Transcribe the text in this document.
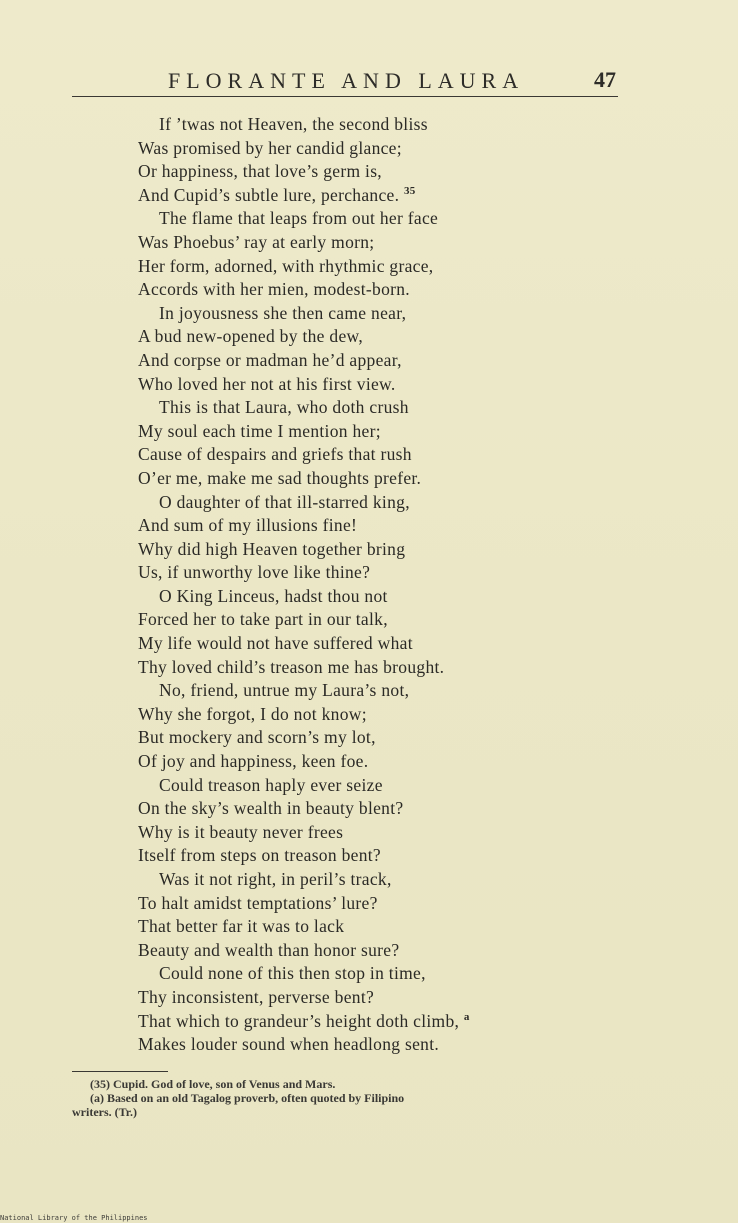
FLORANTE AND LAURA	47
If ’twas not Heaven, the second bliss
Was promised by her candid glance;
Or happiness, that love’s germ is,
And Cupid’s subtle lure, perchance. $^{35}$
The flame that leaps from out her face
Was Phoebus’ ray at early morn;
Her form, adorned, with rhythmic grace,
Accords with her mien, modest-born.
In joyousness she then came near,
A bud new-opened by the dew,
And corpse or madman he’d appear,
Who loved her not at his first view.
This is that Laura, who doth crush
My soul each time I mention her;
Cause of despairs and griefs that rush
O’er me, make me sad thoughts prefer.
O daughter of that ill-starred king,
And sum of my illusions fine!
Why did high Heaven together bring
Us, if unworthy love like thine?
O King Linceus, hadst thou not
Forced her to take part in our talk,
My life would not have suffered what
Thy loved child’s treason me has brought.
No, friend, untrue my Laura’s not,
Why she forgot, I do not know;
But mockery and scorn’s my lot,
Of joy and happiness, keen foe.
Could treason haply ever seize
On the sky’s wealth in beauty blent?
Why is it beauty never frees
Itself from steps on treason bent?
Was it not right, in peril’s track,
To halt amidst temptations’ lure?
That better far it was to lack
Beauty and wealth than honor sure?
Could none of this then stop in time,
Thy inconsistent, perverse bent?
That which to grandeur’s height doth climb, $^a$
Makes louder sound when headlong sent.
(35) Cupid. God of love, son of Venus and Mars.
(a) Based on an old Tagalog proverb, often quoted by Filipino
writers. (Tr.)
National Library of the Philippines
